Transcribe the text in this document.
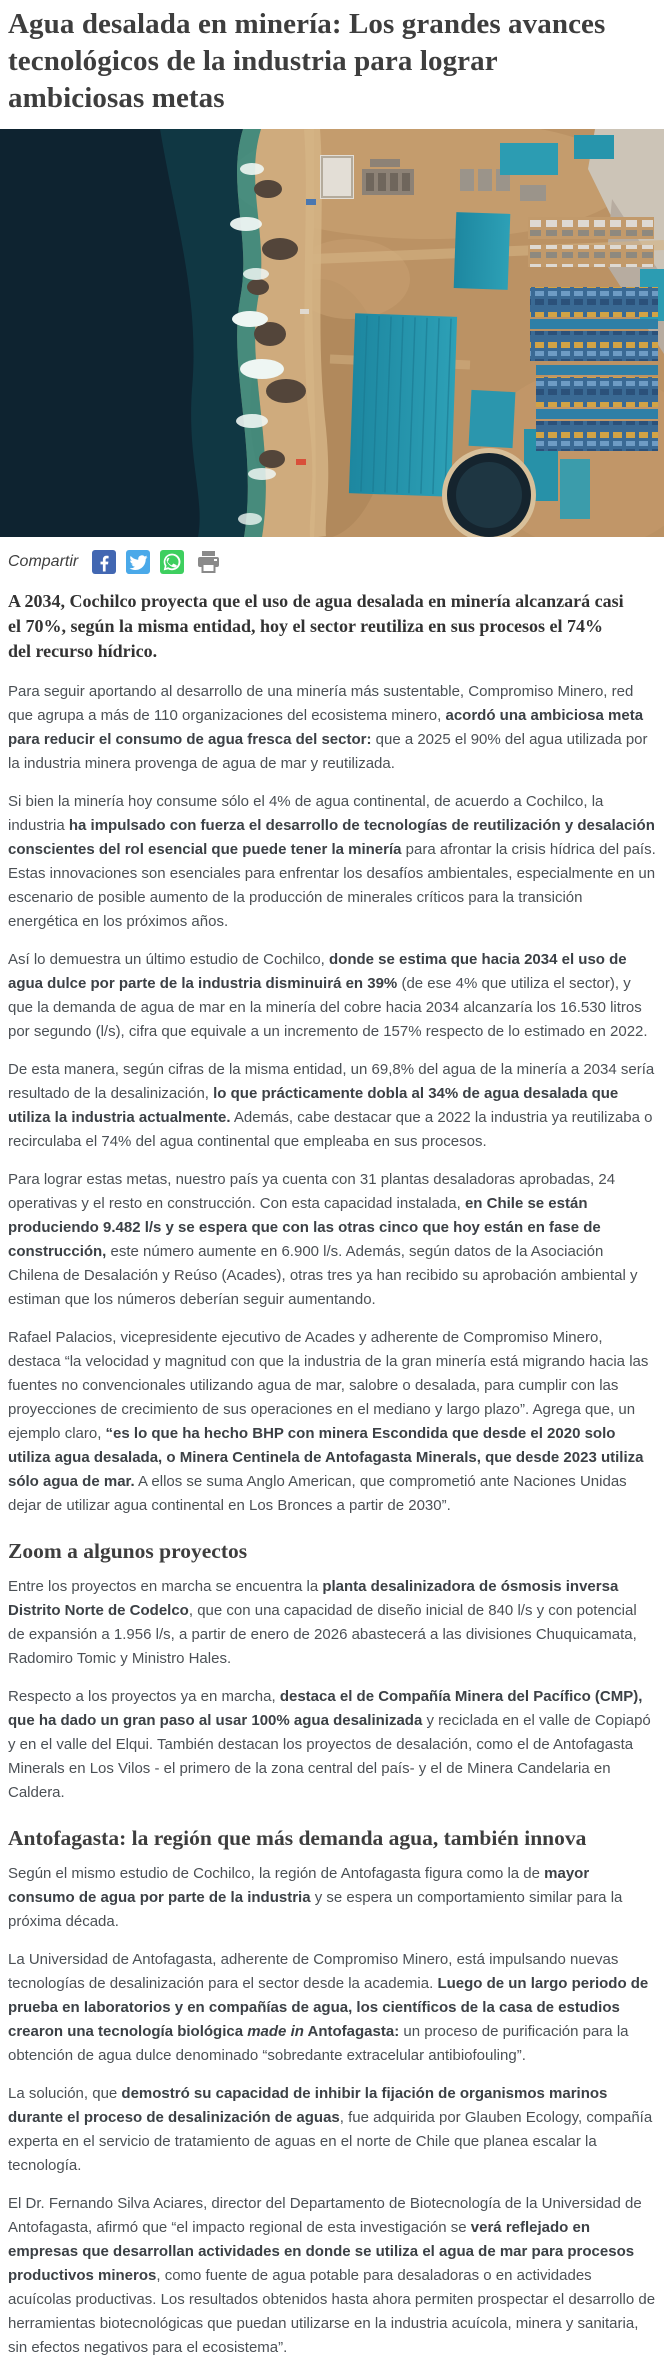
Agua desalada en minería: Los grandes avances tecnológicos de la industria para lograr ambiciosas metas
Compartir

A 2034, Cochilco proyecta que el uso de agua desalada en minería alcanzará casi el 70%, según la misma entidad, hoy el sector reutiliza en sus procesos el 74% del recurso hídrico.

Para seguir aportando al desarrollo de una minería más sustentable, Compromiso Minero, red que agrupa a más de 110 organizaciones del ecosistema minero, acordó una ambiciosa meta para reducir el consumo de agua fresca del sector: que a 2025 el 90% del agua utilizada por la industria minera provenga de agua de mar y reutilizada.

Si bien la minería hoy consume sólo el 4% de agua continental, de acuerdo a Cochilco, la industria ha impulsado con fuerza el desarrollo de tecnologías de reutilización y desalación conscientes del rol esencial que puede tener la minería para afrontar la crisis hídrica del país. Estas innovaciones son esenciales para enfrentar los desafíos ambientales, especialmente en un escenario de posible aumento de la producción de minerales críticos para la transición energética en los próximos años.

Así lo demuestra un último estudio de Cochilco, donde se estima que hacia 2034 el uso de agua dulce por parte de la industria disminuirá en 39% (de ese 4% que utiliza el sector), y que la demanda de agua de mar en la minería del cobre hacia 2034 alcanzaría los 16.530 litros por segundo (l/s), cifra que equivale a un incremento de 157% respecto de lo estimado en 2022.

De esta manera, según cifras de la misma entidad, un 69,8% del agua de la minería a 2034 sería resultado de la desalinización, lo que prácticamente dobla al 34% de agua desalada que utiliza la industria actualmente. Además, cabe destacar que a 2022 la industria ya reutilizaba o recirculaba el 74% del agua continental que empleaba en sus procesos.

Para lograr estas metas, nuestro país ya cuenta con 31 plantas desaladoras aprobadas, 24 operativas y el resto en construcción. Con esta capacidad instalada, en Chile se están produciendo 9.482 l/s y se espera que con las otras cinco que hoy están en fase de construcción, este número aumente en 6.900 l/s. Además, según datos de la Asociación Chilena de Desalación y Reúso (Acades), otras tres ya han recibido su aprobación ambiental y estiman que los números deberían seguir aumentando.

Rafael Palacios, vicepresidente ejecutivo de Acades y adherente de Compromiso Minero, destaca “la velocidad y magnitud con que la industria de la gran minería está migrando hacia las fuentes no convencionales utilizando agua de mar, salobre o desalada, para cumplir con las proyecciones de crecimiento de sus operaciones en el mediano y largo plazo”. Agrega que, un ejemplo claro, “es lo que ha hecho BHP con minera Escondida que desde el 2020 solo utiliza agua desalada, o Minera Centinela de Antofagasta Minerals, que desde 2023 utiliza sólo agua de mar. A ellos se suma Anglo American, que comprometió ante Naciones Unidas dejar de utilizar agua continental en Los Bronces a partir de 2030”.

Zoom a algunos proyectos

Entre los proyectos en marcha se encuentra la planta desalinizadora de ósmosis inversa Distrito Norte de Codelco, que con una capacidad de diseño inicial de 840 l/s y con potencial de expansión a 1.956 l/s, a partir de enero de 2026 abastecerá a las divisiones Chuquicamata, Radomiro Tomic y Ministro Hales.

Respecto a los proyectos ya en marcha, destaca el de Compañía Minera del Pacífico (CMP), que ha dado un gran paso al usar 100% agua desalinizada y reciclada en el valle de Copiapó y en el valle del Elqui. También destacan los proyectos de desalación, como el de Antofagasta Minerals en Los Vilos - el primero de la zona central del país- y el de Minera Candelaria en Caldera.

Antofagasta: la región que más demanda agua, también innova

Según el mismo estudio de Cochilco, la región de Antofagasta figura como la de mayor consumo de agua por parte de la industria y se espera un comportamiento similar para la próxima década.

La Universidad de Antofagasta, adherente de Compromiso Minero, está impulsando nuevas tecnologías de desalinización para el sector desde la academia. Luego de un largo periodo de prueba en laboratorios y en compañías de agua, los científicos de la casa de estudios crearon una tecnología biológica made in Antofagasta: un proceso de purificación para la obtención de agua dulce denominado “sobredante extracelular antibiofouling”.

La solución, que demostró su capacidad de inhibir la fijación de organismos marinos durante el proceso de desalinización de aguas, fue adquirida por Glauben Ecology, compañía experta en el servicio de tratamiento de aguas en el norte de Chile que planea escalar la tecnología.

El Dr. Fernando Silva Aciares, director del Departamento de Biotecnología de la Universidad de Antofagasta, afirmó que “el impacto regional de esta investigación se verá reflejado en empresas que desarrollan actividades en donde se utiliza el agua de mar para procesos productivos mineros, como fuente de agua potable para desaladoras o en actividades acuícolas productivas. Los resultados obtenidos hasta ahora permiten prospectar el desarrollo de herramientas biotecnológicas que puedan utilizarse en la industria acuícola, minera y sanitaria, sin efectos negativos para el ecosistema”.
